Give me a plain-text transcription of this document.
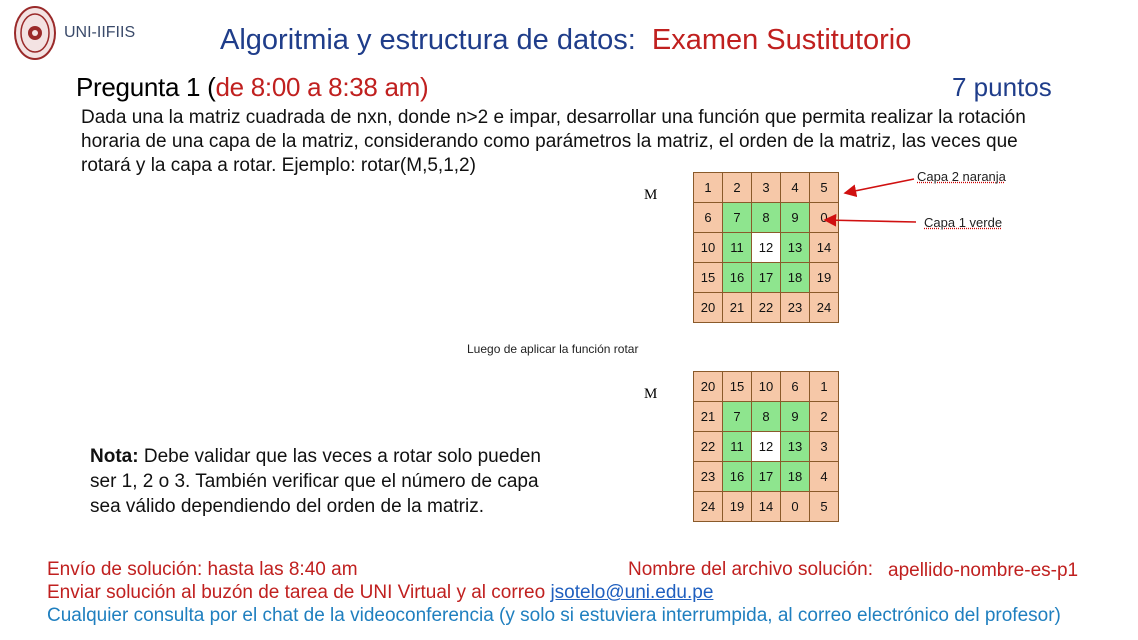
UNI-IIFIIS	Algoritmia y estructura de datos: Examen Sustitutorio
Pregunta 1 (de 8:00 a 8:38 am)	7 puntos
Dada una la matriz cuadrada de nxn, donde n>2 e impar, desarrollar una función que permita realizar la rotación horaria de una capa de la matriz, considerando como parámetros la matriz, el orden de la matriz, las veces que rotará y la capa a rotar. Ejemplo: rotar(M,5,1,2)
M	1	2	3	4	5
6	7	8	9	0
10	11	12	13	14
15	16	17	18	19
20	21	22	23	24
Capa 2 naranja
Capa 1 verde
Luego de aplicar la función rotar
M	20	15	10	6	1
21	7	8	9	2
22	11	12	13	3
23	16	17	18	4
24	19	14	0	5
Nota: Debe validar que las veces a rotar solo pueden ser 1, 2 o 3. También verificar que el número de capa sea válido dependiendo del orden de la matriz.
Envío de solución: hasta las 8:40 am	Nombre del archivo solución: apellido-nombre-es-p1
Enviar solución al buzón de tarea de UNI Virtual y al correo jsotelo@uni.edu.pe
Cualquier consulta por el chat de la videoconferencia (y solo si estuviera interrumpida, al correo electrónico del profesor)
